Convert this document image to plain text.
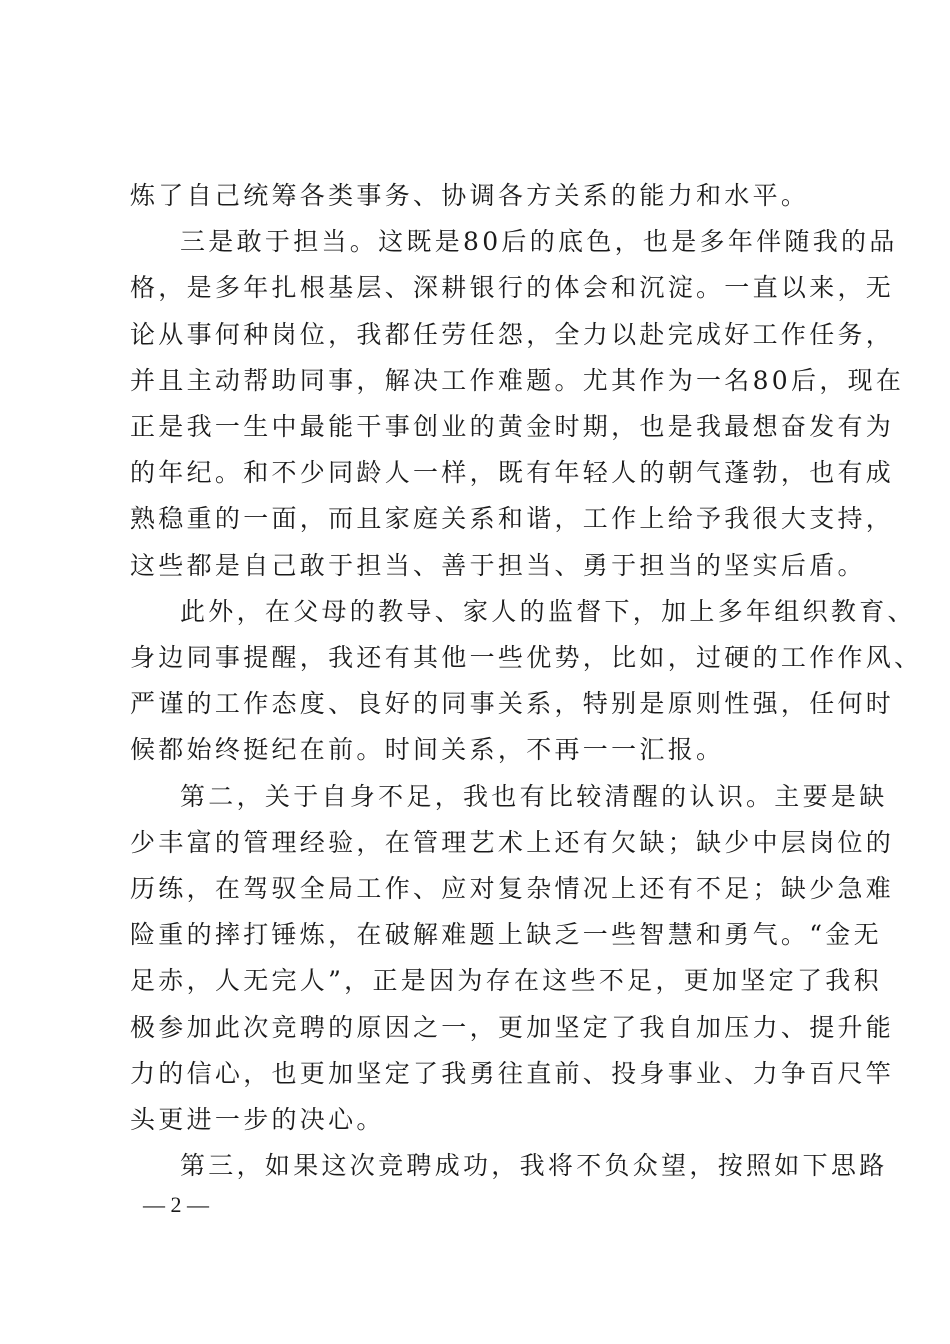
炼了自己统筹各类事务、协调各方关系的能力和水平。
三是敢于担当。这既是80后的底色，也是多年伴随我的品
格，是多年扎根基层、深耕银行的体会和沉淀。一直以来，无
论从事何种岗位，我都任劳任怨，全力以赴完成好工作任务，
并且主动帮助同事，解决工作难题。尤其作为一名80后，现在
正是我一生中最能干事创业的黄金时期，也是我最想奋发有为
的年纪。和不少同龄人一样，既有年轻人的朝气蓬勃，也有成
熟稳重的一面，而且家庭关系和谐，工作上给予我很大支持，
这些都是自己敢于担当、善于担当、勇于担当的坚实后盾。
此外，在父母的教导、家人的监督下，加上多年组织教育、
身边同事提醒，我还有其他一些优势，比如，过硬的工作作风、
严谨的工作态度、良好的同事关系，特别是原则性强，任何时
候都始终挺纪在前。时间关系，不再一一汇报。
第二，关于自身不足，我也有比较清醒的认识。主要是缺
少丰富的管理经验，在管理艺术上还有欠缺；缺少中层岗位的
历练，在驾驭全局工作、应对复杂情况上还有不足；缺少急难
险重的摔打锤炼，在破解难题上缺乏一些智慧和勇气。“金无
足赤，人无完人”，正是因为存在这些不足，更加坚定了我积
极参加此次竞聘的原因之一，更加坚定了我自加压力、提升能
力的信心，也更加坚定了我勇往直前、投身事业、力争百尺竿
头更进一步的决心。
第三，如果这次竞聘成功，我将不负众望，按照如下思路
— 2 —
